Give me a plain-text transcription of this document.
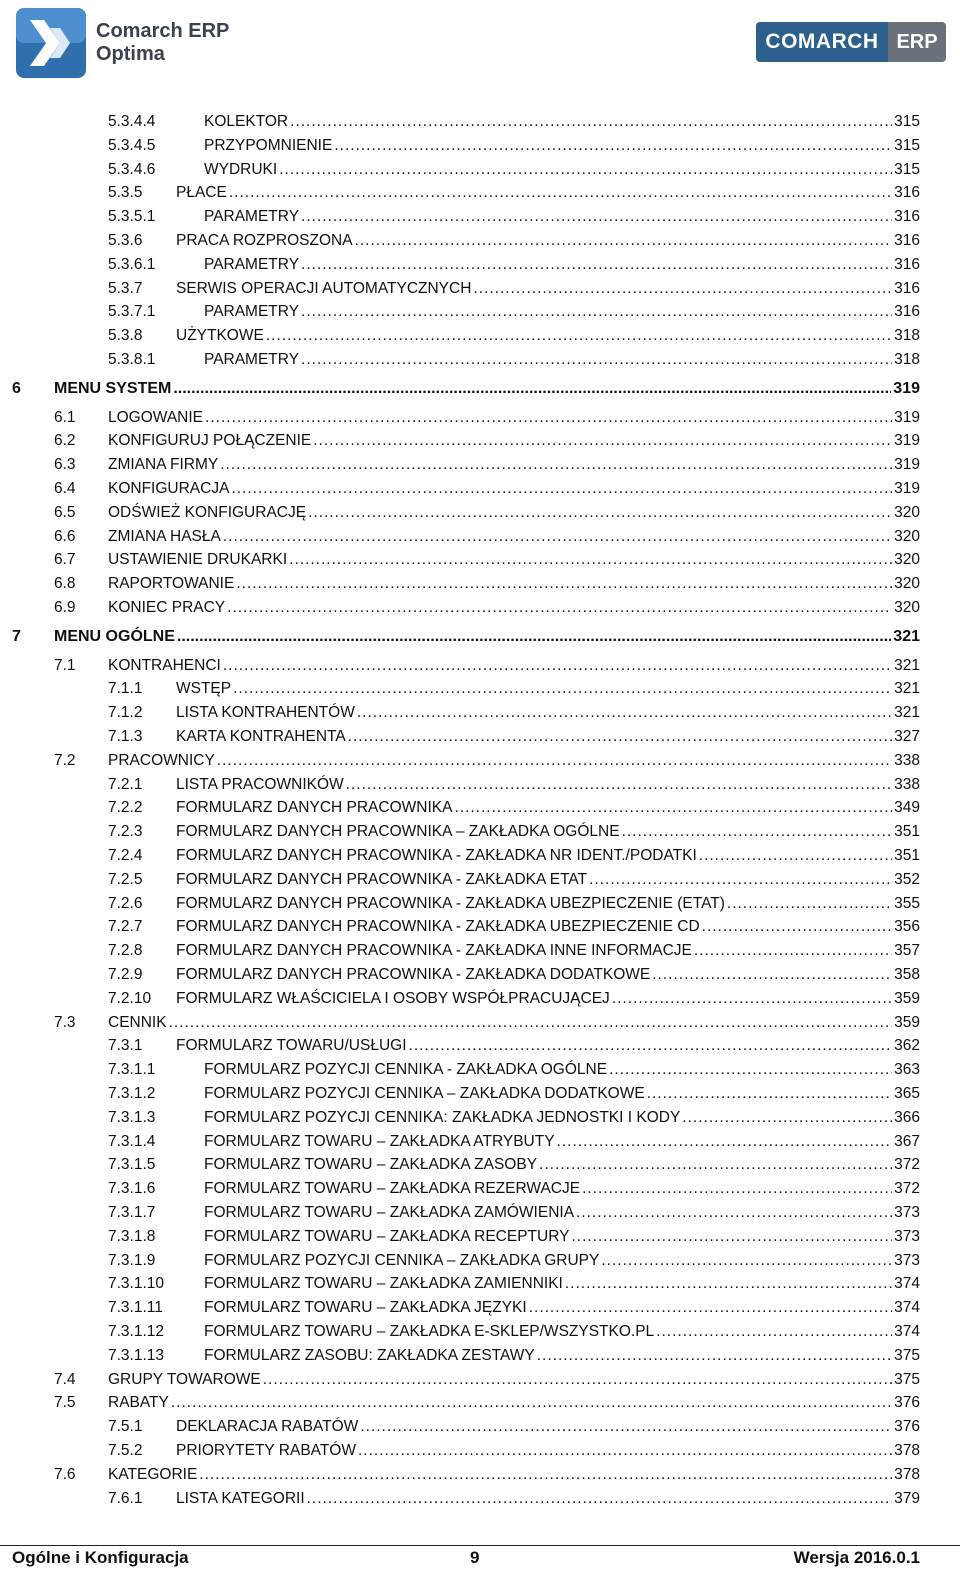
Comarch ERP
Optima
COMARCH ERP
5.3.4.4	KOLEKTOR .....	315
5.3.4.5	PRZYPOMNIENIE .....	315
5.3.4.6	WYDRUKI .....	315
5.3.5	PŁACE .....	316
5.3.5.1	PARAMETRY .....	316
5.3.6	PRACA ROZPROSZONA .....	316
5.3.6.1	PARAMETRY .....	316
5.3.7	SERWIS OPERACJI AUTOMATYCZNYCH .....	316
5.3.7.1	PARAMETRY .....	316
5.3.8	UŻYTKOWE .....	318
5.3.8.1	PARAMETRY .....	318
6	MENU SYSTEM .....	319
6.1	LOGOWANIE .....	319
6.2	KONFIGURUJ POŁĄCZENIE .....	319
6.3	ZMIANA FIRMY .....	319
6.4	KONFIGURACJA .....	319
6.5	ODŚWIEŻ KONFIGURACJĘ .....	320
6.6	ZMIANA HASŁA .....	320
6.7	USTAWIENIE DRUKARKI .....	320
6.8	RAPORTOWANIE .....	320
6.9	KONIEC PRACY .....	320
7	MENU OGÓLNE .....	321
7.1	KONTRAHENCI .....	321
7.1.1	WSTĘP .....	321
7.1.2	LISTA KONTRAHENTÓW .....	321
7.1.3	KARTA KONTRAHENTA .....	327
7.2	PRACOWNICY .....	338
7.2.1	LISTA PRACOWNIKÓW .....	338
7.2.2	FORMULARZ DANYCH PRACOWNIKA .....	349
7.2.3	FORMULARZ DANYCH PRACOWNIKA – ZAKŁADKA OGÓLNE .....	351
7.2.4	FORMULARZ DANYCH PRACOWNIKA - ZAKŁADKA NR IDENT./PODATKI .....	351
7.2.5	FORMULARZ DANYCH PRACOWNIKA - ZAKŁADKA ETAT .....	352
7.2.6	FORMULARZ DANYCH PRACOWNIKA - ZAKŁADKA UBEZPIECZENIE (ETAT) .....	355
7.2.7	FORMULARZ DANYCH PRACOWNIKA - ZAKŁADKA UBEZPIECZENIE CD .....	356
7.2.8	FORMULARZ DANYCH PRACOWNIKA - ZAKŁADKA INNE INFORMACJE .....	357
7.2.9	FORMULARZ DANYCH PRACOWNIKA - ZAKŁADKA DODATKOWE .....	358
7.2.10	FORMULARZ WŁAŚCICIELA I OSOBY WSPÓŁPRACUJĄCEJ .....	359
7.3	CENNIK .....	359
7.3.1	FORMULARZ TOWARU/USŁUGI .....	362
7.3.1.1	FORMULARZ POZYCJI CENNIKA - ZAKŁADKA OGÓLNE .....	363
7.3.1.2	FORMULARZ POZYCJI CENNIKA – ZAKŁADKA DODATKOWE .....	365
7.3.1.3	FORMULARZ POZYCJI CENNIKA: ZAKŁADKA JEDNOSTKI I KODY .....	366
7.3.1.4	FORMULARZ TOWARU – ZAKŁADKA ATRYBUTY .....	367
7.3.1.5	FORMULARZ TOWARU – ZAKŁADKA ZASOBY .....	372
7.3.1.6	FORMULARZ TOWARU – ZAKŁADKA REZERWACJE .....	372
7.3.1.7	FORMULARZ TOWARU – ZAKŁADKA ZAMÓWIENIA .....	373
7.3.1.8	FORMULARZ TOWARU – ZAKŁADKA RECEPTURY .....	373
7.3.1.9	FORMULARZ POZYCJI CENNIKA – ZAKŁADKA GRUPY .....	373
7.3.1.10	FORMULARZ TOWARU – ZAKŁADKA ZAMIENNIKI .....	374
7.3.1.11	FORMULARZ TOWARU – ZAKŁADKA JĘZYKI .....	374
7.3.1.12	FORMULARZ TOWARU – ZAKŁADKA E-SKLEP/WSZYSTKO.PL .....	374
7.3.1.13	FORMULARZ ZASOBU: ZAKŁADKA ZESTAWY .....	375
7.4	GRUPY TOWAROWE .....	375
7.5	RABATY .....	376
7.5.1	DEKLARACJA RABATÓW .....	376
7.5.2	PRIORYTETY RABATÓW .....	378
7.6	KATEGORIE .....	378
7.6.1	LISTA KATEGORII .....	379
Ogólne i Konfiguracja	9	Wersja 2016.0.1
